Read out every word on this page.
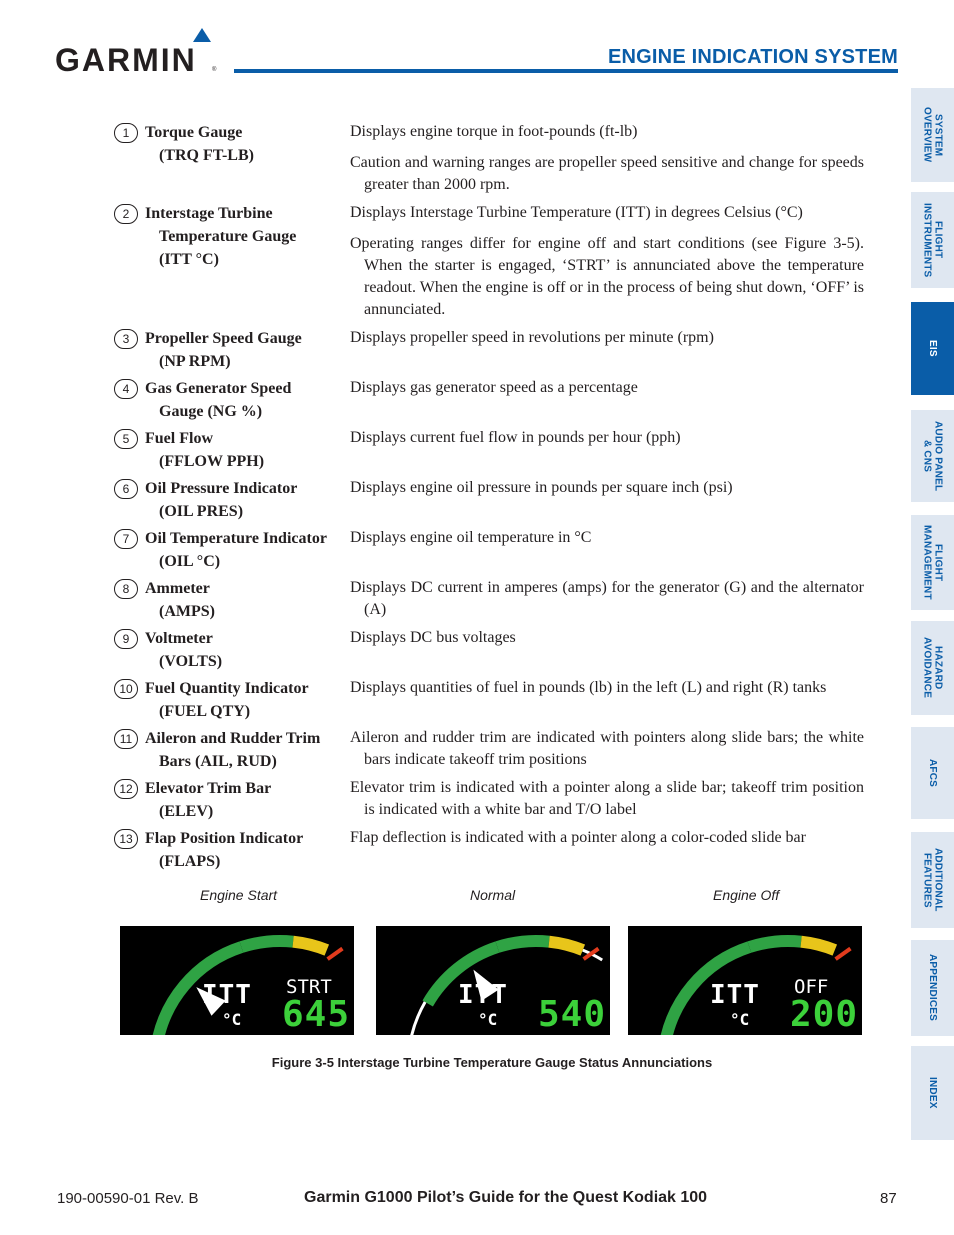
GARMIN	®
ENGINE INDICATION SYSTEM
SYSTEM
OVERVIEW
FLIGHT
INSTRUMENTS
EIS
AUDIO PANEL
& CNS
FLIGHT
MANAGEMENT
HAZARD
AVOIDANCE
AFCS
ADDITIONAL
FEATURES
APPENDICES
INDEX
1 Torque Gauge
(TRQ FT-LB)

Displays engine torque in foot-pounds (ft-lb)

Caution and warning ranges are propeller speed sensitive and change for speeds greater than 2000 rpm.

2 Interstage Turbine
Temperature Gauge
(ITT °C)

Displays Interstage Turbine Temperature (ITT) in degrees Celsius (°C)

Operating ranges differ for engine off and start conditions (see Figure 3-5). When the starter is engaged, ‘STRT’ is annunciated above the temperature readout. When the engine is off or in the process of being shut down, ‘OFF’ is annunciated.

3 Propeller Speed Gauge
(NP RPM)

Displays propeller speed in revolutions per minute (rpm)

4 Gas Generator Speed
Gauge (NG %)

Displays gas generator speed as a percentage

5 Fuel Flow
(FFLOW PPH)

Displays current fuel flow in pounds per hour (pph)

6 Oil Pressure Indicator
(OIL PRES)

Displays engine oil pressure in pounds per square inch (psi)

7 Oil Temperature Indicator
(OIL °C)

Displays engine oil temperature in °C

8 Ammeter
(AMPS)

Displays DC current in amperes (amps) for the generator (G) and the alternator (A)

9 Voltmeter
(VOLTS)

Displays DC bus voltages

10 Fuel Quantity Indicator
(FUEL QTY)

Displays quantities of fuel in pounds (lb) in the left (L) and right (R) tanks

11 Aileron and Rudder Trim
Bars (AIL, RUD)

Aileron and rudder trim are indicated with pointers along slide bars; the white bars indicate takeoff trim positions

12 Elevator Trim Bar
(ELEV)

Elevator trim is indicated with a pointer along a slide bar; takeoff trim position is indicated with a white bar and T/O label

13 Flap Position Indicator
(FLAPS)

Flap deflection is indicated with a pointer along a color-coded slide bar

Engine Start
ITT
°C
STRT
645
Normal
ITT
°C 540
Engine Off
ITT
°C
OFF
200
Figure 3-5 Interstage Turbine Temperature Gauge Status Annunciations
190-00590-01 Rev. B	Garmin G1000 Pilot’s Guide for the Quest Kodiak 100	87
